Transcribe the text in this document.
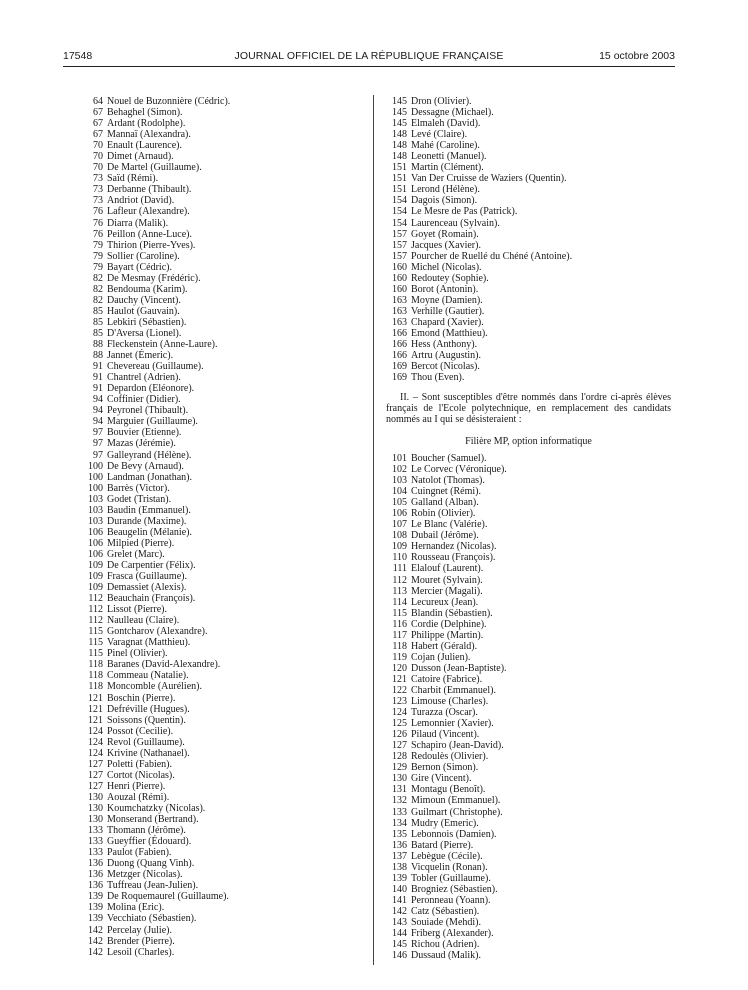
17548	JOURNAL OFFICIEL DE LA RÉPUBLIQUE FRANÇAISE	15 octobre 2003
64 Nouel de Buzonnière (Cédric).
67 Behaghel (Simon).
67 Ardant (Rodolphe).
67 Mannaï (Alexandra).
70 Enault (Laurence).
70 Dimet (Arnaud).
70 De Martel (Guillaume).
73 Saïd (Rémi).
73 Derbanne (Thibault).
73 Andriot (David).
76 Lafleur (Alexandre).
76 Diarra (Malik).
76 Peillon (Anne-Luce).
79 Thirion (Pierre-Yves).
79 Sollier (Caroline).
79 Bayart (Cédric).
82 De Mesmay (Frédéric).
82 Bendouma (Karim).
82 Dauchy (Vincent).
85 Haulot (Gauvain).
85 Lebkiri (Sébastien).
85 D'Aversa (Lionel).
88 Fleckenstein (Anne-Laure).
88 Jannet (Émeric).
91 Chevereau (Guillaume).
91 Chantrel (Adrien).
91 Depardon (Eléonore).
94 Coffinier (Didier).
94 Peyronel (Thibault).
94 Marguier (Guillaume).
97 Bouvier (Etienne).
97 Mazas (Jérémie).
97 Galleyrand (Hélène).
100 De Bevy (Arnaud).
100 Landman (Jonathan).
100 Barrès (Victor).
103 Godet (Tristan).
103 Baudin (Emmanuel).
103 Durande (Maxime).
106 Beaugelin (Mélanie).
106 Milpied (Pierre).
106 Grelet (Marc).
109 De Carpentier (Félix).
109 Frasca (Guillaume).
109 Demassiet (Alexis).
112 Beauchain (François).
112 Lissot (Pierre).
112 Naulleau (Claire).
115 Gontcharov (Alexandre).
115 Varagnat (Matthieu).
115 Pinel (Olivier).
118 Baranes (David-Alexandre).
118 Commeau (Natalie).
118 Moncomble (Aurélien).
121 Boschin (Pierre).
121 Defréville (Hugues).
121 Soissons (Quentin).
124 Possot (Cecilie).
124 Revol (Guillaume).
124 Krivine (Nathanael).
127 Poletti (Fabien).
127 Cortot (Nicolas).
127 Henri (Pierre).
130 Aouzal (Rémi).
130 Koumchatzky (Nicolas).
130 Monserand (Bertrand).
133 Thomann (Jérôme).
133 Gueyffier (Édouard).
133 Paulot (Fabien).
136 Duong (Quang Vinh).
136 Metzger (Nicolas).
136 Tuffreau (Jean-Julien).
139 De Roquemaurel (Guillaume).
139 Molina (Eric).
139 Vecchiato (Sébastien).
142 Percelay (Julie).
142 Brender (Pierre).
142 Lesoil (Charles).
145 Dron (Olivier).
145 Dessagne (Michael).
145 Elmaleh (David).
148 Levé (Claire).
148 Mahé (Caroline).
148 Leonetti (Manuel).
151 Martin (Clément).
151 Van Der Cruisse de Waziers (Quentin).
151 Lerond (Hélène).
154 Dagois (Simon).
154 Le Mesre de Pas (Patrick).
154 Laurenceau (Sylvain).
157 Goyet (Romain).
157 Jacques (Xavier).
157 Pourcher de Ruellé du Chéné (Antoine).
160 Michel (Nicolas).
160 Redoutey (Sophie).
160 Borot (Antonin).
163 Moyne (Damien).
163 Verhille (Gautier).
163 Chapard (Xavier).
166 Emond (Matthieu).
166 Hess (Anthony).
166 Artru (Augustin).
169 Bercot (Nicolas).
169 Thou (Even).

II. – Sont susceptibles d'être nommés dans l'ordre ci-après élèves français de l'Ecole polytechnique, en remplacement des candidats nommés au I qui se désisteraient :

Filière MP, option informatique
101 Boucher (Samuel).
102 Le Corvec (Véronique).
103 Natolot (Thomas).
104 Cuingnet (Rémi).
105 Galland (Alban).
106 Robin (Olivier).
107 Le Blanc (Valérie).
108 Dubail (Jérôme).
109 Hernandez (Nicolas).
110 Rousseau (François).
111 Elalouf (Laurent).
112 Mouret (Sylvain).
113 Mercier (Magali).
114 Lecureux (Jean).
115 Blandin (Sébastien).
116 Cordie (Delphine).
117 Philippe (Martin).
118 Habert (Gérald).
119 Cojan (Julien).
120 Dusson (Jean-Baptiste).
121 Catoire (Fabrice).
122 Charbit (Emmanuel).
123 Limouse (Charles).
124 Turazza (Oscar).
125 Lemonnier (Xavier).
126 Pilaud (Vincent).
127 Schapiro (Jean-David).
128 Redoulès (Olivier).
129 Bernon (Simon).
130 Gire (Vincent).
131 Montagu (Benoît).
132 Mimoun (Emmanuel).
133 Guilmart (Christophe).
134 Mudry (Emeric).
135 Lebonnois (Damien).
136 Batard (Pierre).
137 Lebègue (Cécile).
138 Vicquelin (Ronan).
139 Tobler (Guillaume).
140 Brogniez (Sébastien).
141 Peronneau (Yoann).
142 Catz (Sébastien).
143 Souiade (Mehdi).
144 Friberg (Alexander).
145 Richou (Adrien).
146 Dussaud (Malik).
